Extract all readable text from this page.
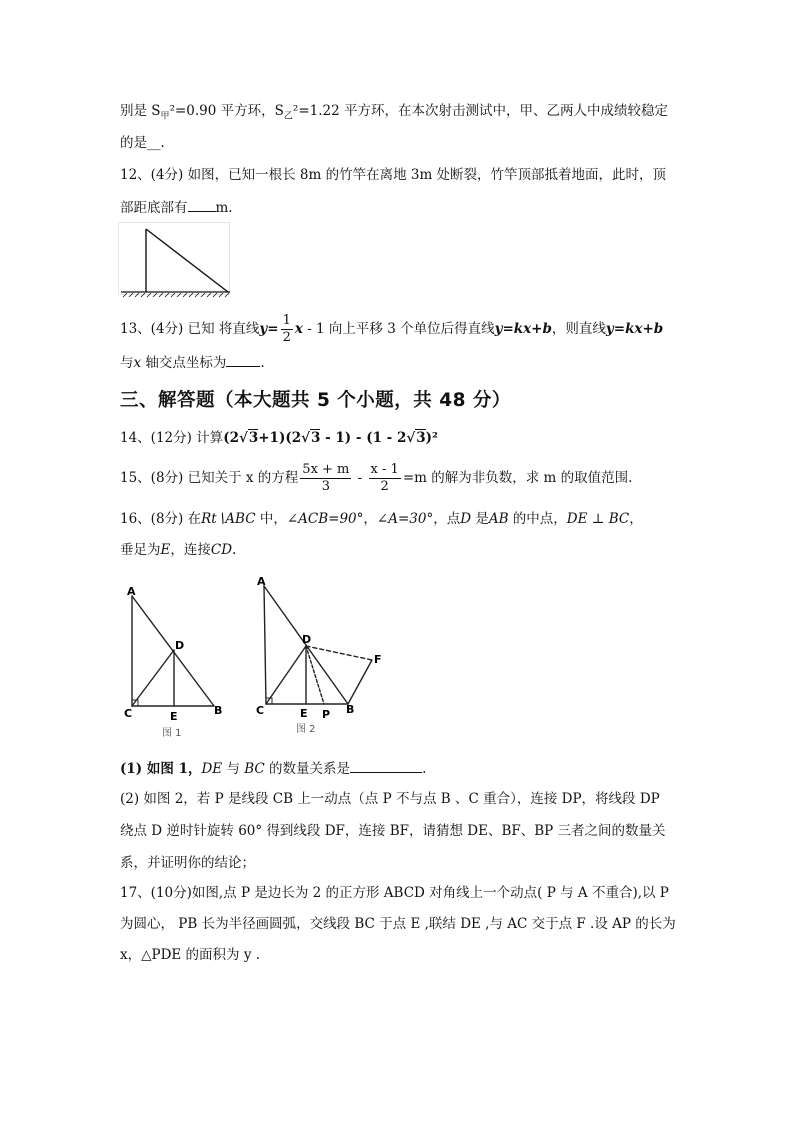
别是 $S_甲^2=0.90$ 平方环，$S_乙^2=1.22$ 平方环，在本次射击测试中，甲、乙两人中成绩较稳定
的是__.
12、(4分) 如图，已知一根长 8m 的竹竿在离地 3m 处断裂，竹竿顶部抵着地面，此时，顶
部距底部有 m.
13、(4分) 已知 将直线$y= \frac{1}{2}$ x - 1 向上平移 3 个单位后得直线y=kx+b，则直线y=kx+b
与x 轴交点坐标为	.
三、解答题（本大题共 5 个小题，共 48 分）
14、(12分) 计算(2√3+1)(2√3 - 1) - (1 - 2√3)²
15、(8分) 已知关于 x 的方程 $\frac{5x + m}{3} - \frac{x - 1}{2} =m$ 的解为非负数，求 m 的取值范围.
16、(8分) 在Rt∖ABC 中，∠ACB=90°，∠A=30°，点D 是AB 的中点，DE ⊥ BC，
垂足为E，连接CD.
A
D
C	E	B
图 1
A
D
F
C	E P B
图 2
(1) 如图 1，DE 与 BC 的数量关系是	.
(2) 如图 2，若 P 是线段 CB 上一动点（点 P 不与点 B 、C 重合），连接 DP，将线段 DP
绕点 D 逆时针旋转 60° 得到线段 DF，连接 BF，请猜想 DE、BF、BP 三者之间的数量关
系，并证明你的结论；
17、(10分)如图,点 P 是边长为 2 的正方形 ABCD 对角线上一个动点( P 与 A 不重合),以 P
为圆心， PB 长为半径画圆弧，交线段 BC 于点 E ,联结 DE ,与 AC 交于点 F .设 AP 的长为
x，△PDE 的面积为 y .
